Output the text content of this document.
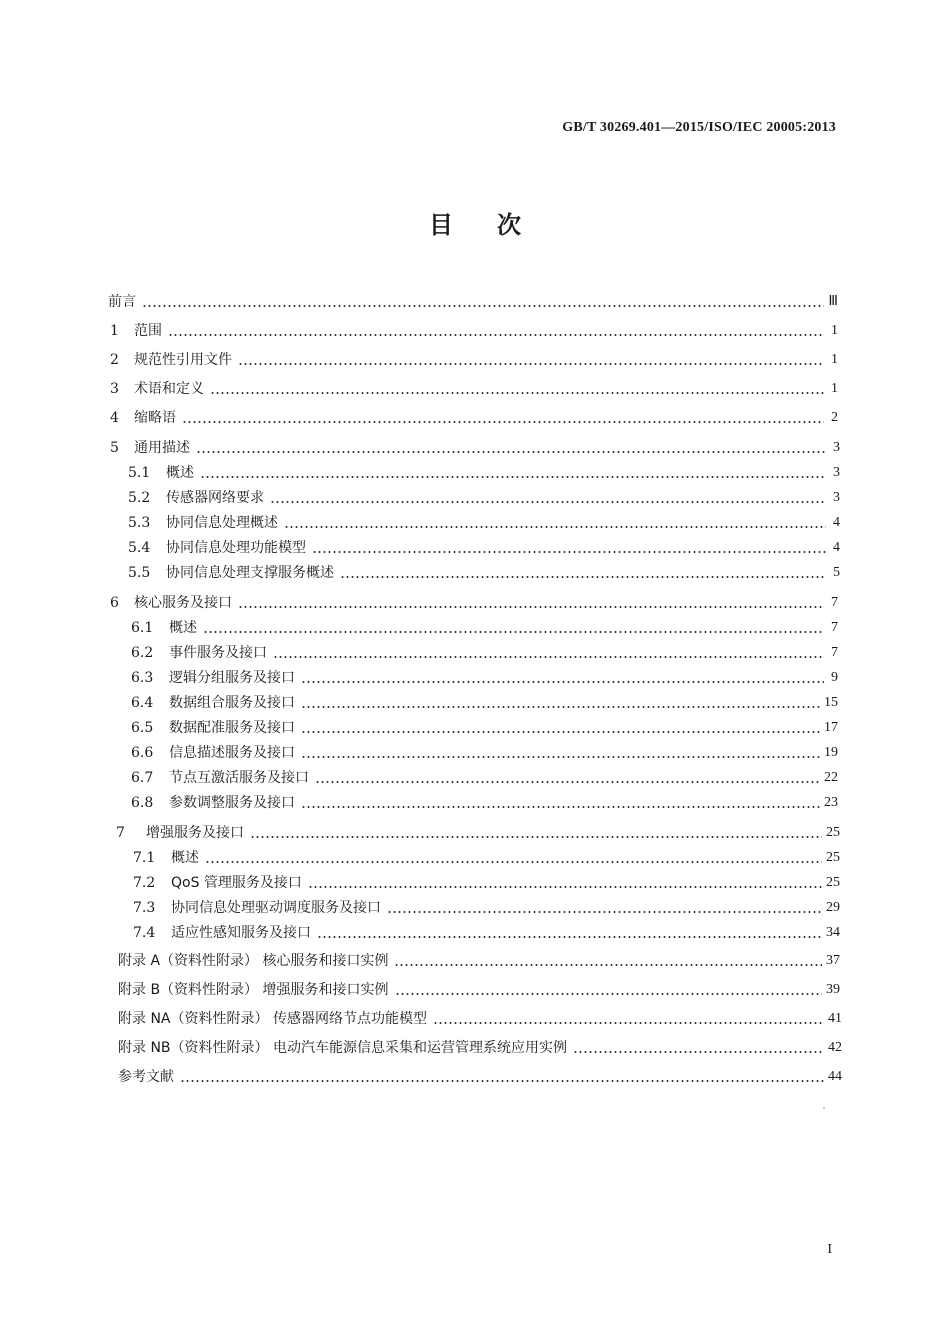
GB/T 30269.401—2015/ISO/IEC 20005:2013
目次
前言	Ⅲ
1	范围	1
2	规范性引用文件	1
3	术语和定义	1
4	缩略语	2
5	通用描述	3
5.1	概述	3
5.2	传感器网络要求	3
5.3	协同信息处理概述	4
5.4	协同信息处理功能模型	4
5.5	协同信息处理支撑服务概述	5
6	核心服务及接口	7
6.1	概述	7
6.2	事件服务及接口	7
6.3	逻辑分组服务及接口	9
6.4	数据组合服务及接口	15
6.5	数据配准服务及接口	17
6.6	信息描述服务及接口	19
6.7	节点互激活服务及接口	22
6.8	参数调整服务及接口	23
7	增强服务及接口	25
7.1	概述	25
7.2	QoS 管理服务及接口	25
7.3	协同信息处理驱动调度服务及接口	29
7.4	适应性感知服务及接口	34
附录 A（资料性附录） 核心服务和接口实例	37
附录 B（资料性附录） 增强服务和接口实例	39
附录 NA（资料性附录） 传感器网络节点功能模型	41
附录 NB（资料性附录） 电动汽车能源信息采集和运营管理系统应用实例	42
参考文献	44
I
